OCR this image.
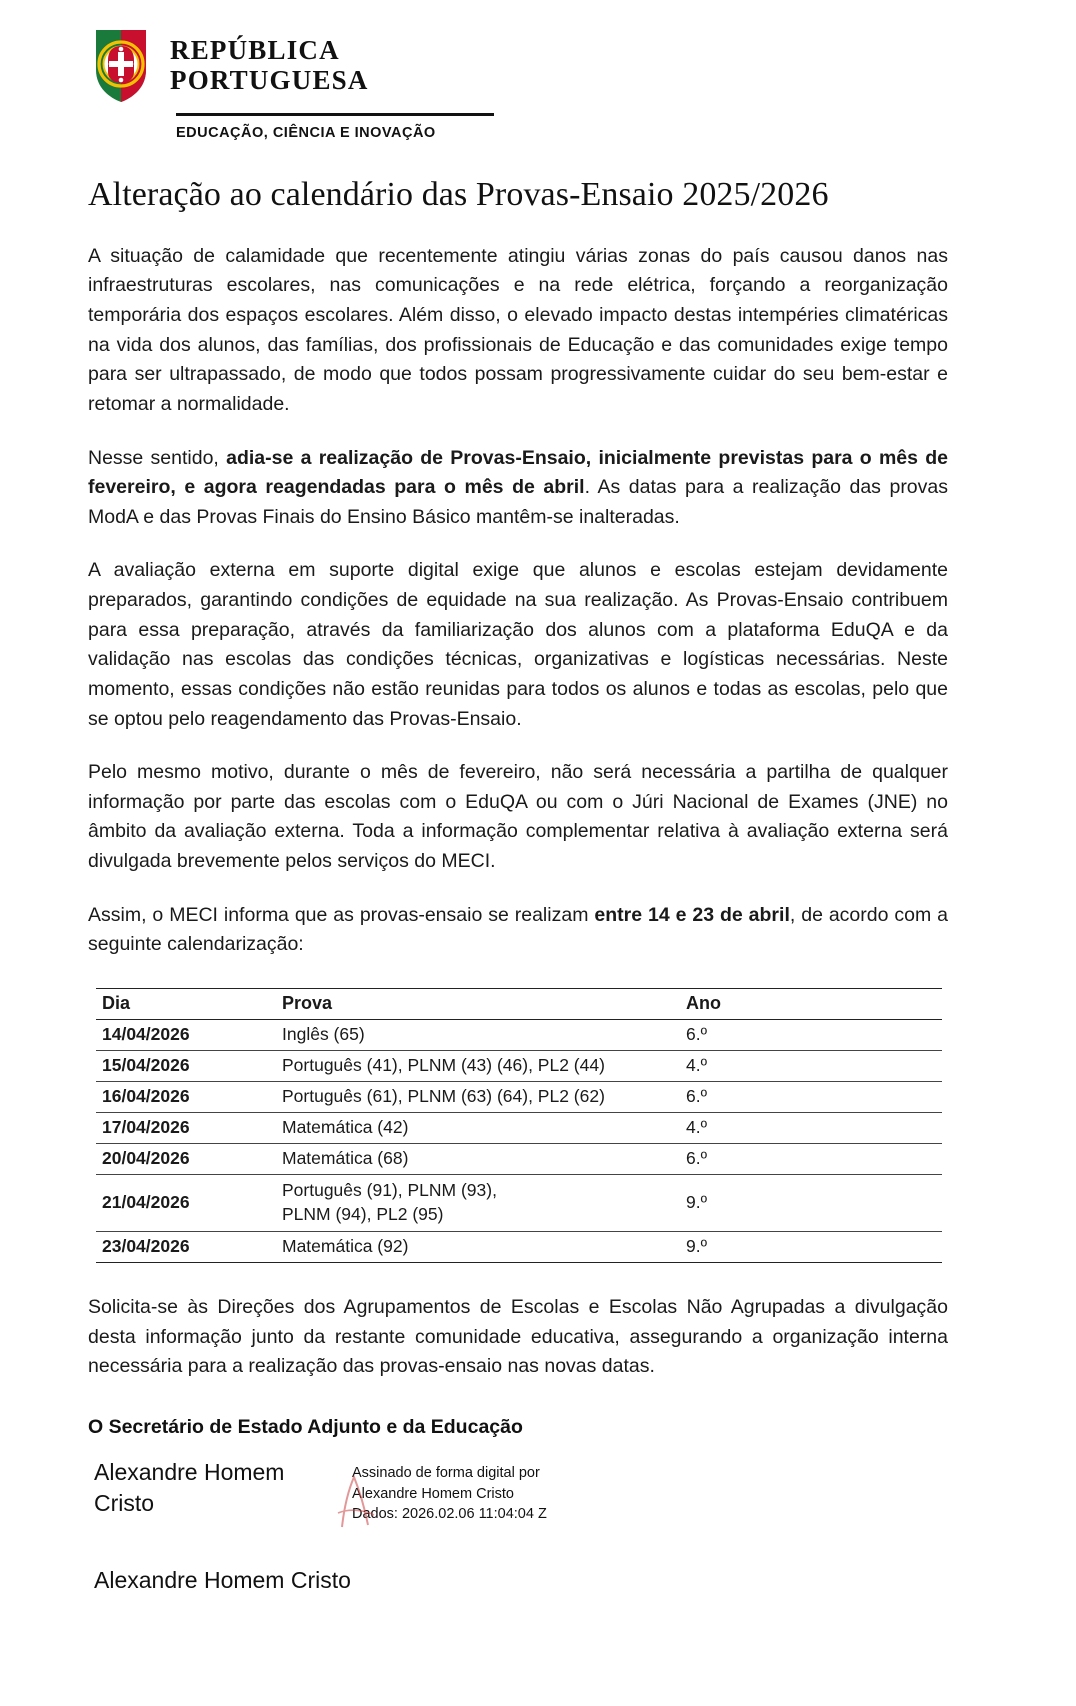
REPÚBLICA
PORTUGUESA
EDUCAÇÃO, CIÊNCIA E INOVAÇÃO
Alteração ao calendário das Provas-Ensaio 2025/2026

A situação de calamidade que recentemente atingiu várias zonas do país causou danos nas infraestruturas escolares, nas comunicações e na rede elétrica, forçando a reorganização temporária dos espaços escolares. Além disso, o elevado impacto destas intempéries climatéricas na vida dos alunos, das famílias, dos profissionais de Educação e das comunidades exige tempo para ser ultrapassado, de modo que todos possam progressivamente cuidar do seu bem-estar e retomar a normalidade.

Nesse sentido, adia-se a realização de Provas-Ensaio, inicialmente previstas para o mês de fevereiro, e agora reagendadas para o mês de abril. As datas para a realização das provas ModA e das Provas Finais do Ensino Básico mantêm-se inalteradas.

A avaliação externa em suporte digital exige que alunos e escolas estejam devidamente preparados, garantindo condições de equidade na sua realização. As Provas-Ensaio contribuem para essa preparação, através da familiarização dos alunos com a plataforma EduQA e da validação nas escolas das condições técnicas, organizativas e logísticas necessárias. Neste momento, essas condições não estão reunidas para todos os alunos e todas as escolas, pelo que se optou pelo reagendamento das Provas-Ensaio.

Pelo mesmo motivo, durante o mês de fevereiro, não será necessária a partilha de qualquer informação por parte das escolas com o EduQA ou com o Júri Nacional de Exames (JNE) no âmbito da avaliação externa. Toda a informação complementar relativa à avaliação externa será divulgada brevemente pelos serviços do MECI.

Assim, o MECI informa que as provas-ensaio se realizam entre 14 e 23 de abril, de acordo com a seguinte calendarização:

Dia	Prova	Ano
14/04/2026	Inglês (65)	6.º
15/04/2026	Português (41), PLNM (43) (46), PL2 (44)	4.º
16/04/2026	Português (61), PLNM (63) (64), PL2 (62)	6.º
17/04/2026	Matemática (42)	4.º
20/04/2026	Matemática (68)	6.º
21/04/2026	Português (91), PLNM (93),
PLNM (94), PL2 (95)	9.º
23/04/2026	Matemática (92)	9.º

Solicita-se às Direções dos Agrupamentos de Escolas e Escolas Não Agrupadas a divulgação desta informação junto da restante comunidade educativa, assegurando a organização interna necessária para a realização das provas-ensaio nas novas datas.

O Secretário de Estado Adjunto e da Educação
Alexandre Homem
Cristo
Assinado de forma digital por
Alexandre Homem Cristo
Dados: 2026.02.06 11:04:04 Z
Alexandre Homem Cristo
